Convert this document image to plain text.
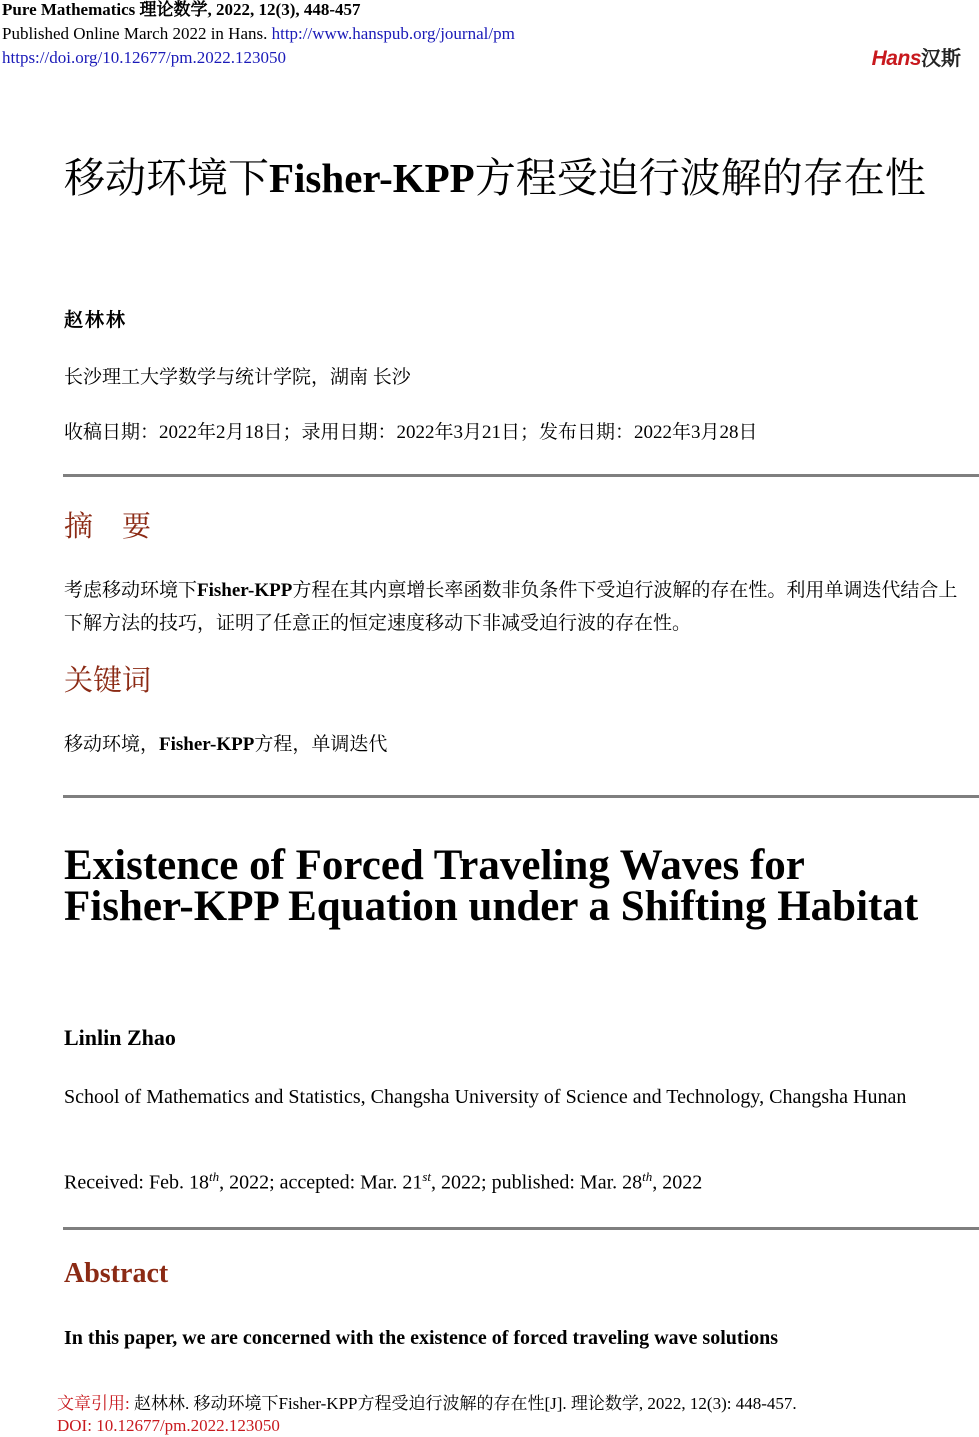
Pure Mathematics 理论数学, 2022, 12(3), 448-457
Published Online March 2022 in Hans. http://www.hanspub.org/journal/pm
https://doi.org/10.12677/pm.2022.123050	Hans汉斯
移动环境下Fisher-KPP方程受迫行波解的存在性
赵林林
长沙理工大学数学与统计学院，湖南 长沙
收稿日期：2022年2月18日；录用日期：2022年3月21日；发布日期：2022年3月28日
摘　要

考虑移动环境下Fisher-KPP方程在其内禀增长率函数非负条件下受迫行波解的存在性。利用单调迭代结合上下解方法的技巧，证明了任意正的恒定速度移动下非减受迫行波的存在性。

关键词
移动环境，Fisher-KPP方程，单调迭代
Existence of Forced Traveling Waves for Fisher-KPP Equation under a Shifting Habitat
Linlin Zhao
School of Mathematics and Statistics, Changsha University of Science and Technology, Changsha Hunan
Received: Feb. 18th, 2022; accepted: Mar. 21st, 2022; published: Mar. 28th, 2022
Abstract
In this paper, we are concerned with the existence of forced traveling wave solutions
文章引用: 赵林林. 移动环境下Fisher-KPP方程受迫行波解的存在性[J]. 理论数学, 2022, 12(3): 448-457.
DOI: 10.12677/pm.2022.123050
